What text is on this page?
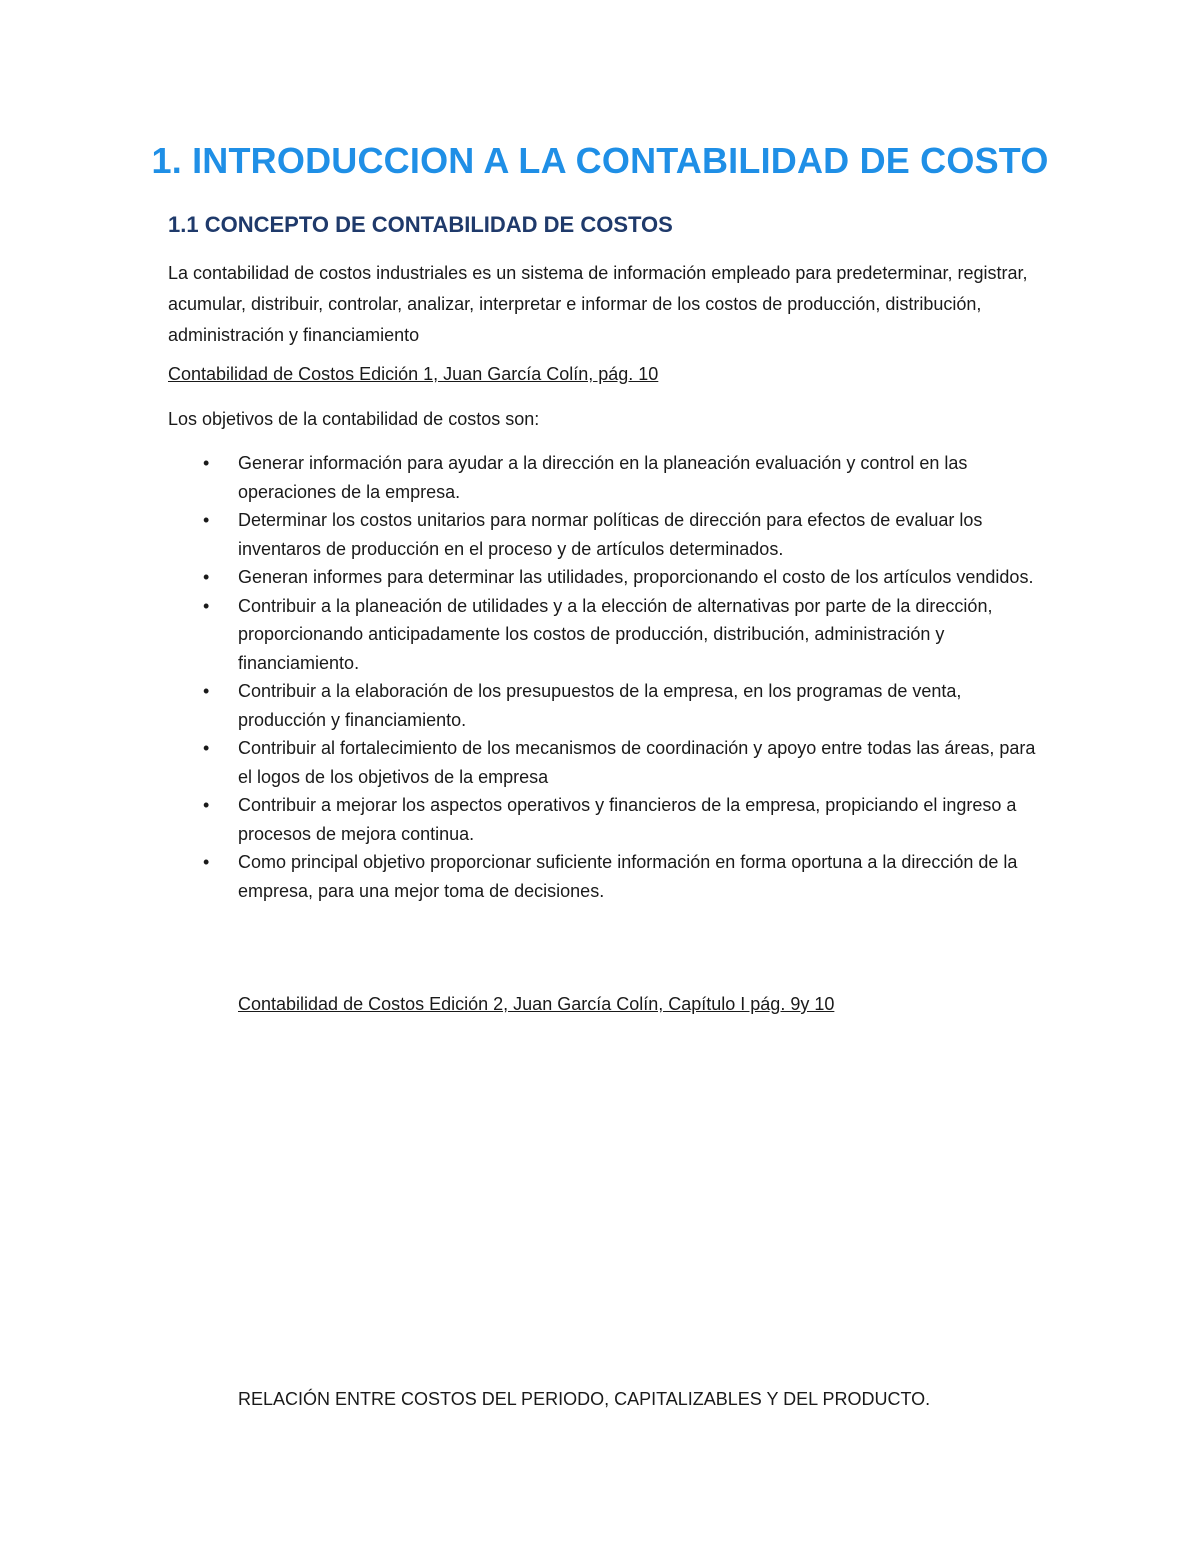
1. INTRODUCCION A LA CONTABILIDAD DE COSTO
1.1 CONCEPTO DE CONTABILIDAD DE COSTOS

La contabilidad de costos industriales es un sistema de información empleado para predeterminar, registrar, acumular, distribuir, controlar, analizar, interpretar e informar de los costos de producción, distribución, administración y financiamiento

Contabilidad de Costos Edición 1, Juan García Colín, pág. 10

Los objetivos de la contabilidad de costos son:

• Generar información para ayudar a la dirección en la planeación evaluación y control en las operaciones de la empresa.
• Determinar los costos unitarios para normar políticas de dirección para efectos de evaluar los inventaros de producción en el proceso y de artículos determinados.
• Generan informes para determinar las utilidades, proporcionando el costo de los artículos vendidos.
• Contribuir a la planeación de utilidades y a la elección de alternativas por parte de la dirección, proporcionando anticipadamente los costos de producción, distribución, administración y financiamiento.
• Contribuir a la elaboración de los presupuestos de la empresa, en los programas de venta, producción y financiamiento.
• Contribuir al fortalecimiento de los mecanismos de coordinación y apoyo entre todas las áreas, para el logos de los objetivos de la empresa
• Contribuir a mejorar los aspectos operativos y financieros de la empresa, propiciando el ingreso a procesos de mejora continua.
• Como principal objetivo proporcionar suficiente información en forma oportuna a la dirección de la empresa, para una mejor toma de decisiones.

Contabilidad de Costos Edición 2, Juan García Colín, Capítulo I pág. 9y 10

RELACIÓN ENTRE COSTOS DEL PERIODO, CAPITALIZABLES Y DEL PRODUCTO.
